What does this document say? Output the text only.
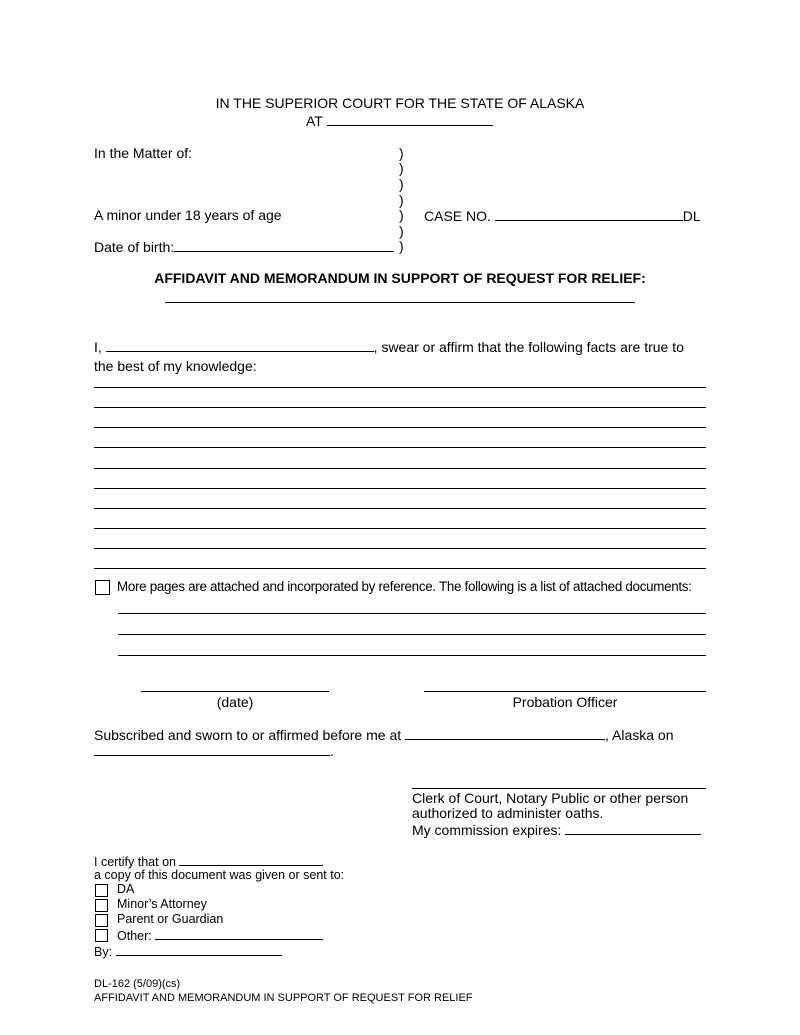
IN THE SUPERIOR COURT FOR THE STATE OF ALASKA
AT
In the Matter of:
A minor under 18 years of age
Date of birth:
)
)
)
)
)
)
)
CASE NO.	DL
AFFIDAVIT AND MEMORANDUM IN SUPPORT OF REQUEST FOR RELIEF:
I,	, swear or affirm that the following facts are true to
the best of my knowledge:
More pages are attached and incorporated by reference. The following is a list of attached documents:
(date)	Probation Officer
Subscribed and sworn to or affirmed before me at	, Alaska on
.
Clerk of Court, Notary Public or other person
authorized to administer oaths.
My commission expires:
I certify that on
a copy of this document was given or sent to:
DA
Minor’s Attorney
Parent or Guardian
Other:
By:
DL-162 (5/09)(cs)
AFFIDAVIT AND MEMORANDUM IN SUPPORT OF REQUEST FOR RELIEF
